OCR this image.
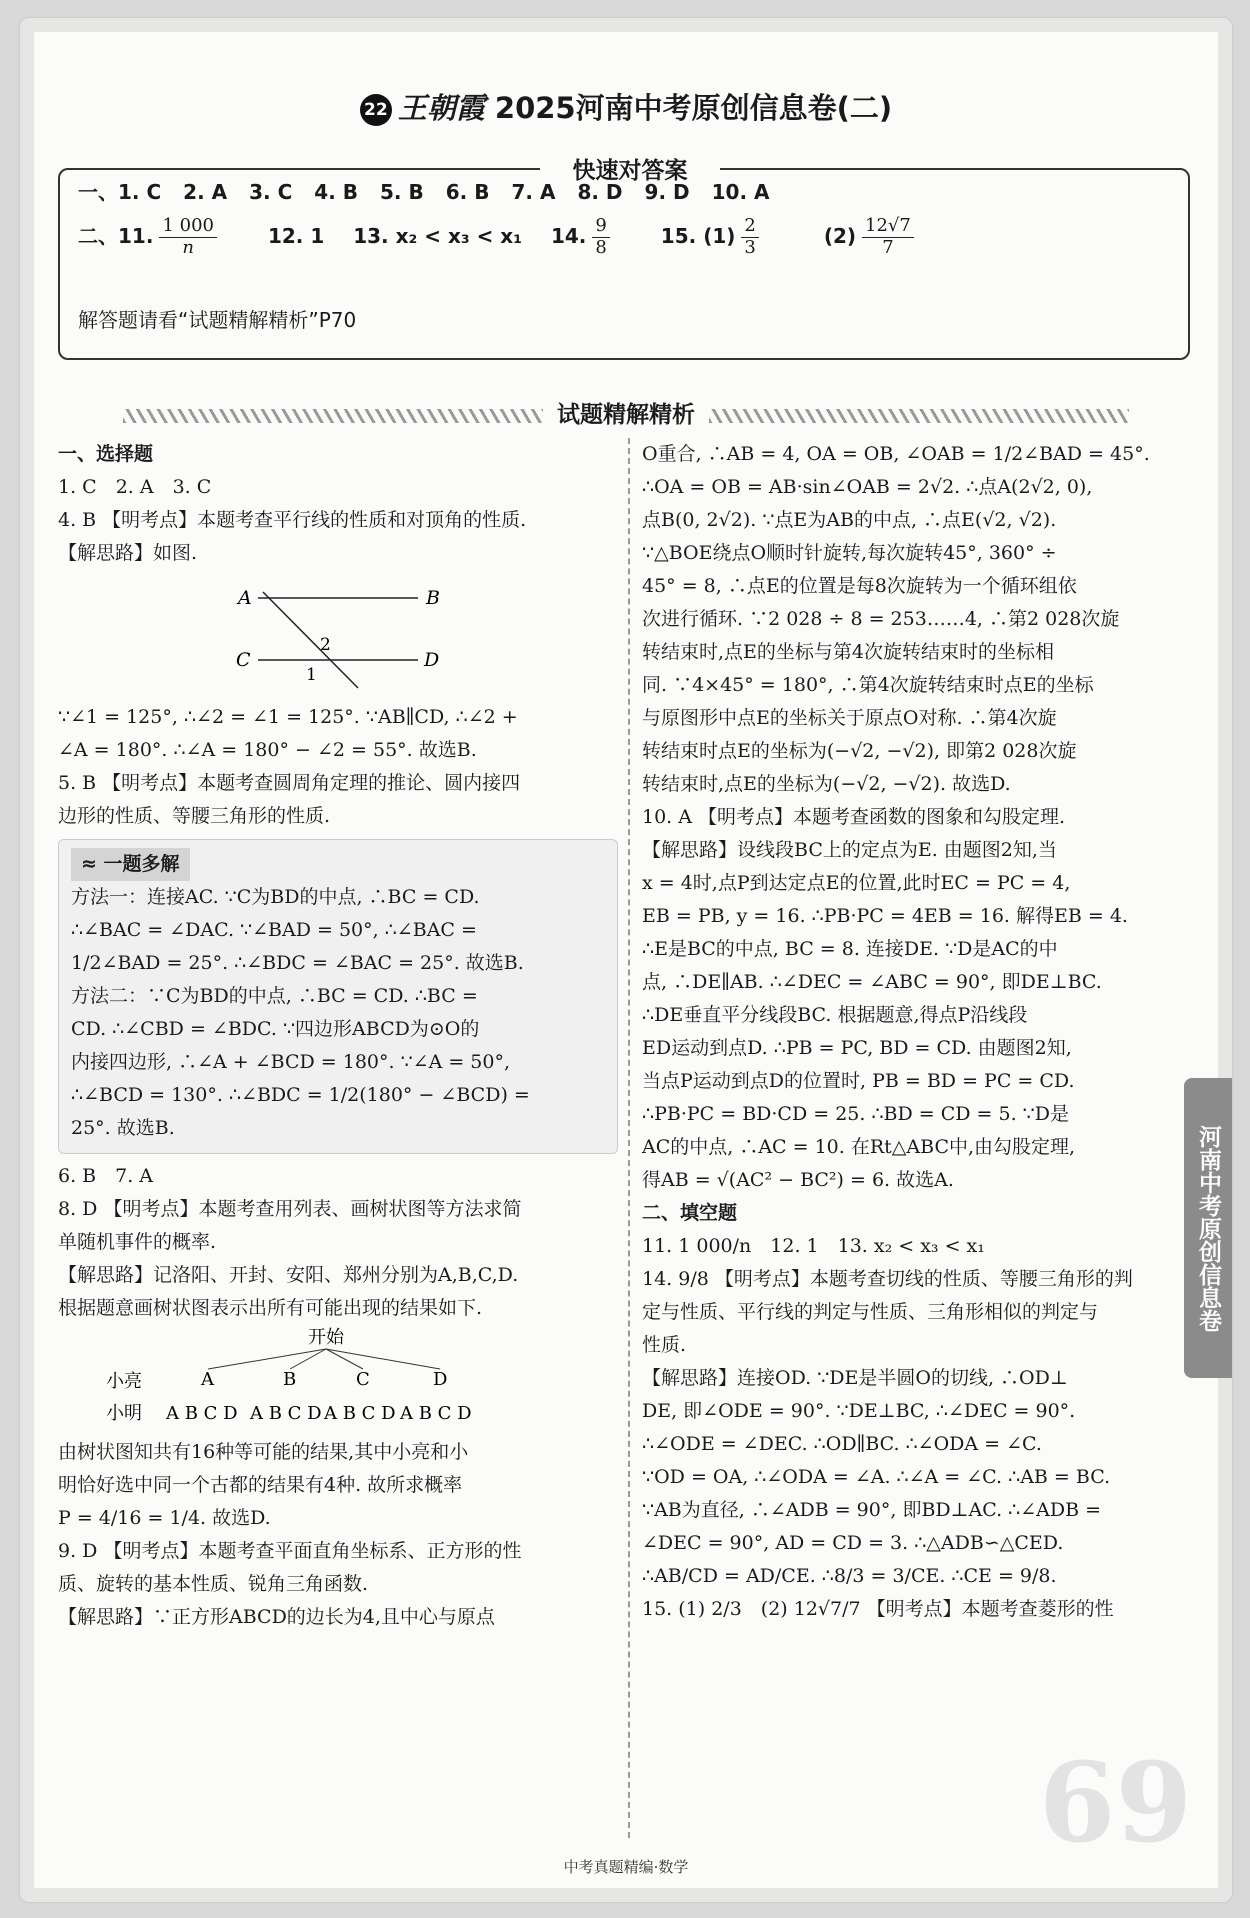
22 王朝霞 2025河南中考原创信息卷(二)
快速对答案
一、1. C 2. A 3. C 4. B 5. B 6. B 7. A 8. D 9. D 10. A
二、11. $\frac{1 000}{n} 12$. 1 13. x₂ < x₃ < x₁ 14. $\frac{9}{8} 15$. $(1) \frac{2}{3} (2) \frac{12√7}{7}$
解答题请看“试题精解精析”P70
试题精解精析

一、选择题

1. C　2. A　3. C

4. B 【明考点】本题考查平行线的性质和对顶角的性质.

【解思路】如图.

A	B
C	D
2
1

∵∠1 = 125°, ∴∠2 = ∠1 = 125°. ∵AB∥CD, ∴∠2 +

∠A = 180°. ∴∠A = 180° − ∠2 = 55°. 故选B.

5. B 【明考点】本题考查圆周角定理的推论、圆内接四

边形的性质、等腰三角形的性质.

≈ 一题多解

方法一：连接AC. ∵C为BD的中点, ∴BC = CD.

∴∠BAC = ∠DAC. ∵∠BAD = 50°, ∴∠BAC =

1/2∠BAD = 25°. ∴∠BDC = ∠BAC = 25°. 故选B.

方法二：∵C为BD的中点, ∴BC = CD. ∴BC =

CD. ∴∠CBD = ∠BDC. ∵四边形ABCD为⊙O的

内接四边形, ∴∠A + ∠BCD = 180°. ∵∠A = 50°,

∴∠BCD = 130°. ∴∠BDC = 1/2(180° − ∠BCD) =

25°. 故选B.

6. B　7. A

8. D 【明考点】本题考查用列表、画树状图等方法求简

单随机事件的概率.

【解思路】记洛阳、开封、安阳、郑州分别为A,B,C,D.

根据题意画树状图表示出所有可能出现的结果如下.

开始
小亮	A	B	C	D
小明 A B C D A B C D A B C D A B C D

由树状图知共有16种等可能的结果,其中小亮和小

明恰好选中同一个古都的结果有4种. 故所求概率

P = 4/16 = 1/4. 故选D.

9. D 【明考点】本题考查平面直角坐标系、正方形的性

质、旋转的基本性质、锐角三角函数.

【解思路】∵正方形ABCD的边长为4,且中心与原点

O重合, ∴AB = 4, OA = OB, ∠OAB = 1/2∠BAD = 45°.

∴OA = OB = AB·sin∠OAB = 2√2. ∴点A(2√2, 0),

点B(0, 2√2). ∵点E为AB的中点, ∴点E(√2, √2).

∵△BOE绕点O顺时针旋转,每次旋转45°, 360° ÷

45° = 8, ∴点E的位置是每8次旋转为一个循环组依

次进行循环. ∵2 028 ÷ 8 = 253……4, ∴第2 028次旋

转结束时,点E的坐标与第4次旋转结束时的坐标相

同. ∵4×45° = 180°, ∴第4次旋转结束时点E的坐标

与原图形中点E的坐标关于原点O对称. ∴第4次旋

转结束时点E的坐标为(−√2, −√2), 即第2 028次旋

转结束时,点E的坐标为(−√2, −√2). 故选D.

10. A 【明考点】本题考查函数的图象和勾股定理.

【解思路】设线段BC上的定点为E. 由题图2知,当

x = 4时,点P到达定点E的位置,此时EC = PC = 4,

EB = PB, y = 16. ∴PB·PC = 4EB = 16. 解得EB = 4.

∴E是BC的中点, BC = 8. 连接DE. ∵D是AC的中

点, ∴DE∥AB. ∴∠DEC = ∠ABC = 90°, 即DE⊥BC.

∴DE垂直平分线段BC. 根据题意,得点P沿线段

ED运动到点D. ∴PB = PC, BD = CD. 由题图2知,

当点P运动到点D的位置时, PB = BD = PC = CD.

∴PB·PC = BD·CD = 25. ∴BD = CD = 5. ∵D是

AC的中点, ∴AC = 10. 在Rt△ABC中,由勾股定理,

得AB = √(AC² − BC²) = 6. 故选A.

二、填空题

11. 1 000/n　12. 1　13. x₂ < x₃ < x₁

14. 9/8 【明考点】本题考查切线的性质、等腰三角形的判

定与性质、平行线的判定与性质、三角形相似的判定与

性质.

【解思路】连接OD. ∵DE是半圆O的切线, ∴OD⊥

DE, 即∠ODE = 90°. ∵DE⊥BC, ∴∠DEC = 90°.

∴∠ODE = ∠DEC. ∴OD∥BC. ∴∠ODA = ∠C.

∵OD = OA, ∴∠ODA = ∠A. ∴∠A = ∠C. ∴AB = BC.

∵AB为直径, ∴∠ADB = 90°, 即BD⊥AC. ∴∠ADB =

∠DEC = 90°, AD = CD = 3. ∴△ADB∽△CED.

∴AB/CD = AD/CE. ∴8/3 = 3/CE. ∴CE = 9/8.

15. (1) 2/3　(2) 12√7/7 【明考点】本题考查菱形的性

河南中考原创信息卷
69
中考真题精编·数学
